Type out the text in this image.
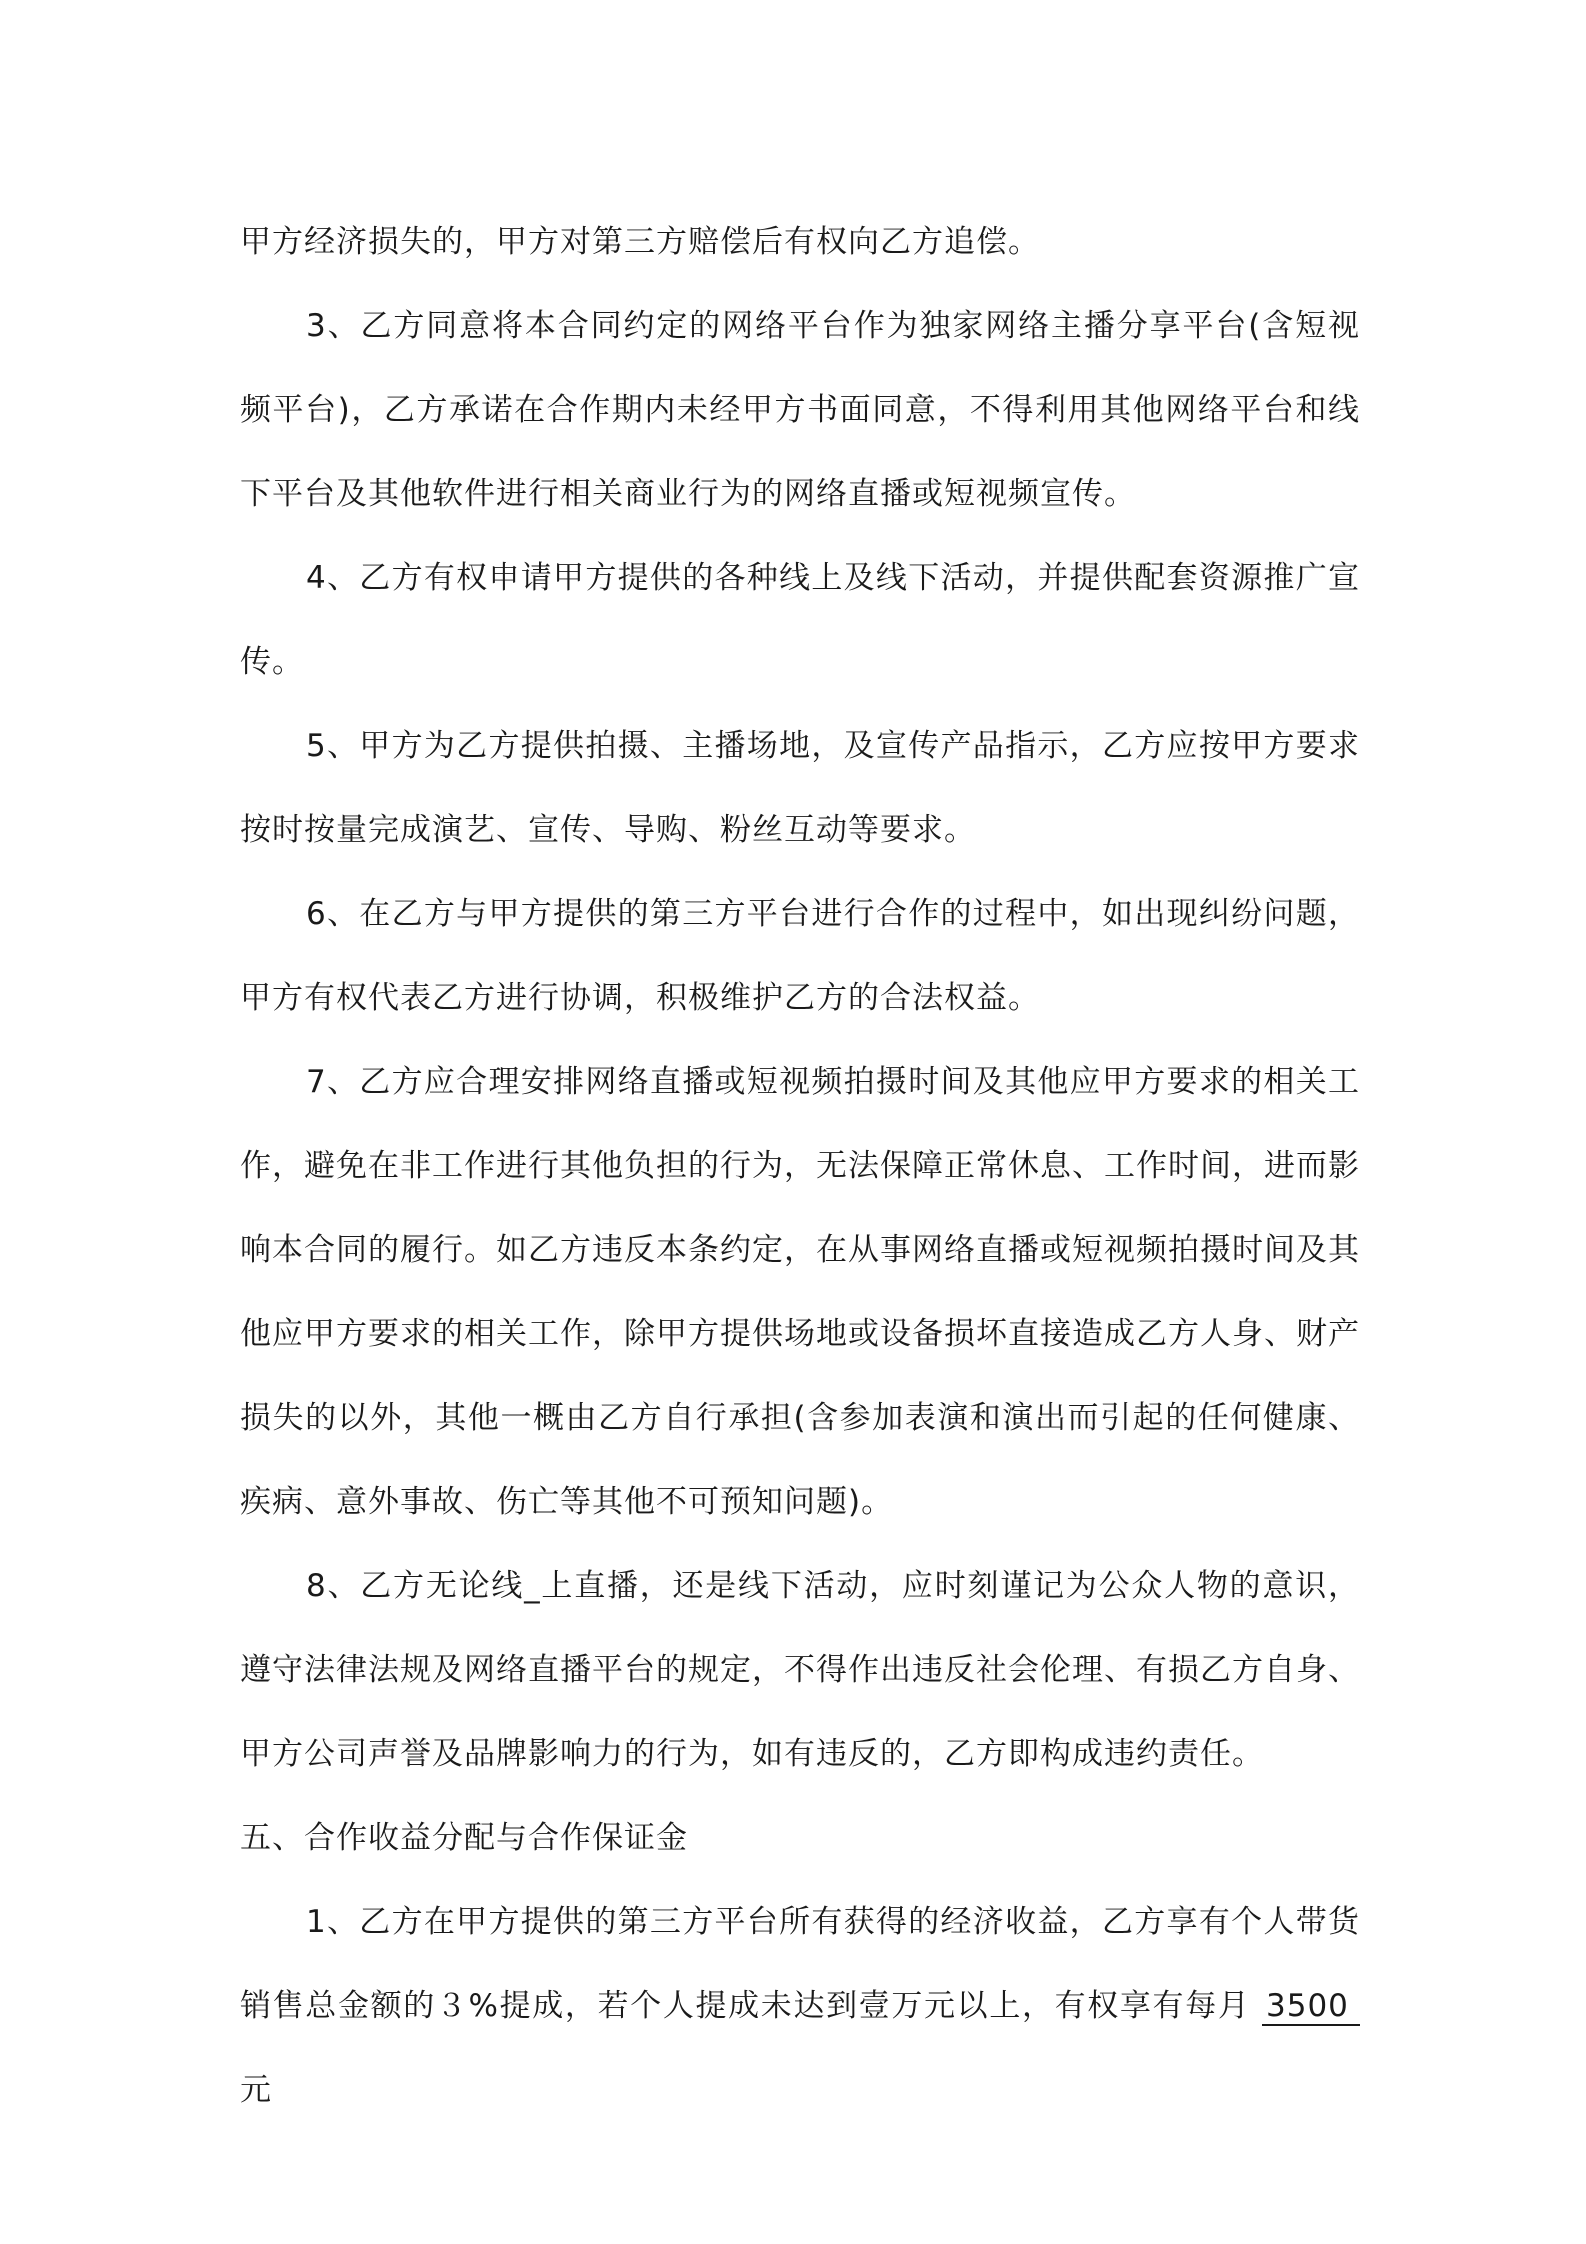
甲方经济损失的，甲方对第三方赔偿后有权向乙方追偿。

3、乙方同意将本合同约定的网络平台作为独家网络主播分享平台(含短视频平台)，乙方承诺在合作期内未经甲方书面同意，不得利用其他网络平台和线下平台及其他软件进行相关商业行为的网络直播或短视频宣传。

4、乙方有权申请甲方提供的各种线上及线下活动，并提供配套资源推广宣传。

5、甲方为乙方提供拍摄、主播场地，及宣传产品指示，乙方应按甲方要求按时按量完成演艺、宣传、导购、粉丝互动等要求。

6、在乙方与甲方提供的第三方平台进行合作的过程中，如出现纠纷问题，甲方有权代表乙方进行协调，积极维护乙方的合法权益。

7、乙方应合理安排网络直播或短视频拍摄时间及其他应甲方要求的相关工作，避免在非工作进行其他负担的行为，无法保障正常休息、工作时间，进而影响本合同的履行。如乙方违反本条约定，在从事网络直播或短视频拍摄时间及其他应甲方要求的相关工作，除甲方提供场地或设备损坏直接造成乙方人身、财产损失的以外，其他一概由乙方自行承担(含参加表演和演出而引起的任何健康、疾病、意外事故、伤亡等其他不可预知问题)。

8、乙方无论线_上直播，还是线下活动，应时刻谨记为公众人物的意识，遵守法律法规及网络直播平台的规定，不得作出违反社会伦理、有损乙方自身、甲方公司声誉及品牌影响力的行为，如有违反的，乙方即构成违约责任。

五、合作收益分配与合作保证金

1、乙方在甲方提供的第三方平台所有获得的经济收益，乙方享有个人带货销售总金额的３%提成，若个人提成未达到壹万元以上，有权享有每月 3500 元
